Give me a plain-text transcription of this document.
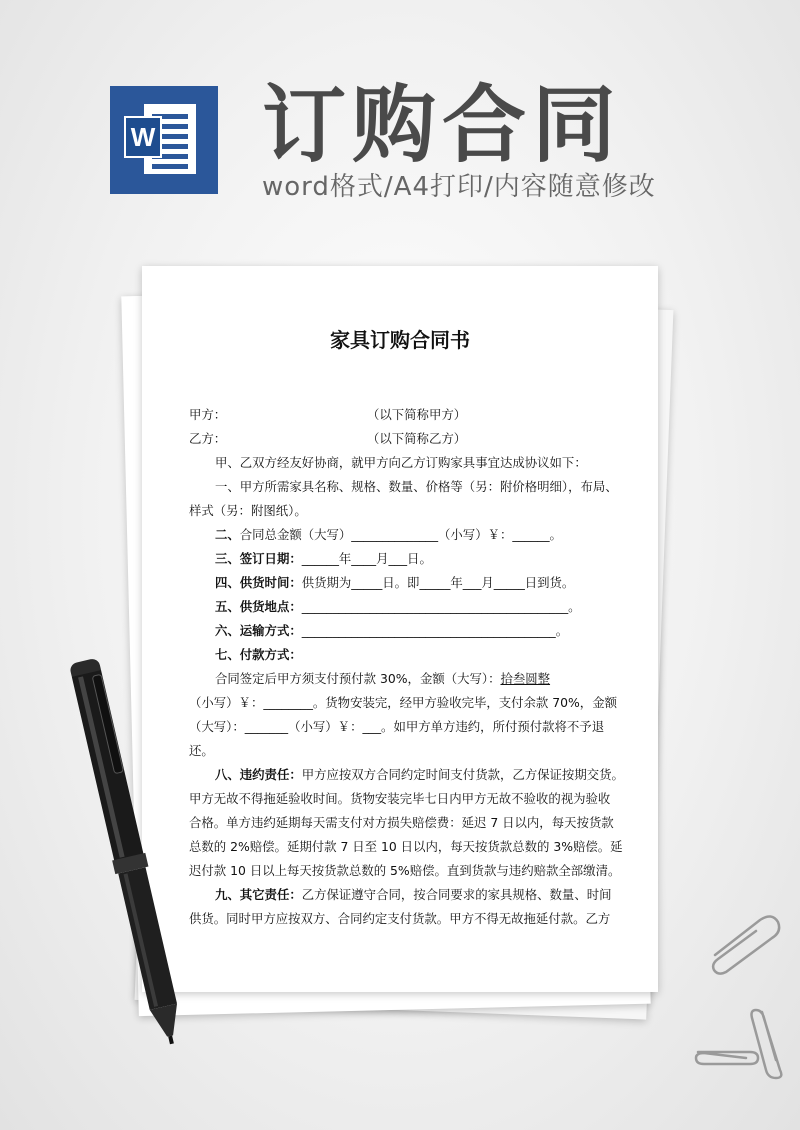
W 订购合同
word格式/A4打印/内容随意修改
家具订购合同书
甲方：	（以下简称甲方）
乙方：	（以下简称乙方）
甲、乙双方经友好协商，就甲方向乙方订购家具事宜达成协议如下：
一、甲方所需家具名称、规格、数量、价格等（另：附价格明细），布局、
样式（另：附图纸）。
二、合同总金额（大写）______________（小写）￥：______。
三、签订日期：______年____月___日。
四、供货时间：供货期为_____日。即_____年___月_____日到货。
五、供货地点：___________________________________________。
六、运输方式：_________________________________________。
七、付款方式：
合同签定后甲方须支付预付款 30%，金额（大写）：拾叁圆整
（小写）￥：________。货物安装完，经甲方验收完毕，支付余款 70%，金额
（大写）：_______（小写）￥：___。如甲方单方违约，所付预付款将不予退
还。
八、违约责任：甲方应按双方合同约定时间支付货款，乙方保证按期交货。
甲方无故不得拖延验收时间。货物安装完毕七日内甲方无故不验收的视为验收
合格。单方违约延期每天需支付对方损失赔偿费：延迟 7 日以内，每天按货款
总数的 2%赔偿。延期付款 7 日至 10 日以内，每天按货款总数的 3%赔偿。延
迟付款 10 日以上每天按货款总数的 5%赔偿。直到货款与违约赔款全部缴清。
九、其它责任：乙方保证遵守合同，按合同要求的家具规格、数量、时间
供货。同时甲方应按双方、合同约定支付货款。甲方不得无故拖延付款。乙方
